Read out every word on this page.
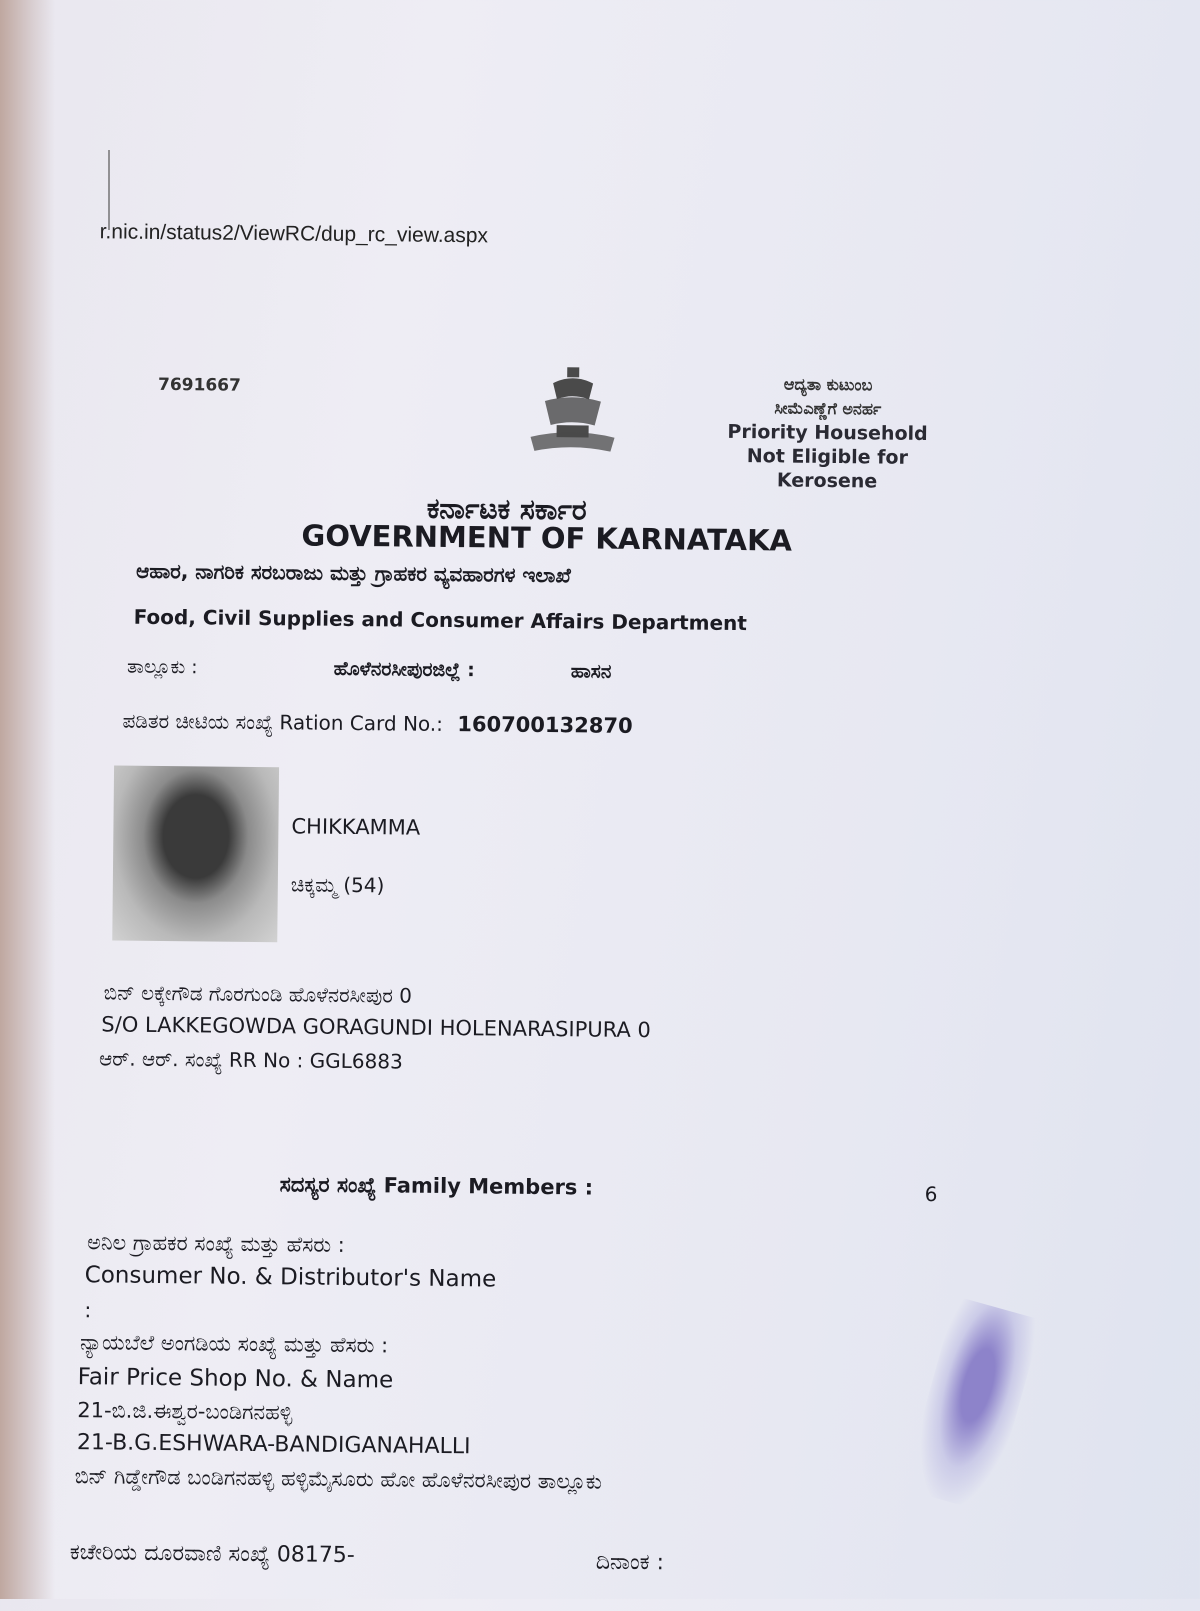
r.nic.in/status2/ViewRC/dup_rc_view.aspx
7691667	ಆದ್ಯತಾ ಕುಟುಂಬ
ಸೀಮೆಎಣ್ಣೆಗೆ ಅನರ್ಹ
Priority Household
Not Eligible for
Kerosene
ಕರ್ನಾಟಕ ಸರ್ಕಾರ
GOVERNMENT OF KARNATAKA
ಆಹಾರ, ನಾಗರಿಕ ಸರಬರಾಜು ಮತ್ತು ಗ್ರಾಹಕರ ವ್ಯವಹಾರಗಳ ಇಲಾಖೆ
Food, Civil Supplies and Consumer Affairs Department
ತಾಲ್ಲೂಕು :	ಹೊಳೆನರಸೀಪುರಜಿಲ್ಲೆ :	ಹಾಸನ
ಪಡಿತರ ಚೀಟಿಯ ಸಂಖ್ಯೆ Ration Card No.: 160700132870
CHIKKAMMA
ಚಿಕ್ಕಮ್ಮ (54)
ಬಿನ್ ಲಕ್ಕೇಗೌಡ ಗೊರಗುಂಡಿ ಹೊಳೆನರಸೀಪುರ 0
S/O LAKKEGOWDA GORAGUNDI HOLENARASIPURA 0
ಆರ್. ಆರ್. ಸಂಖ್ಯೆ RR No : GGL6883
ಸದಸ್ಯರ ಸಂಖ್ಯೆ Family Members :	6
ಅನಿಲ ಗ್ರಾಹಕರ ಸಂಖ್ಯೆ ಮತ್ತು ಹೆಸರು :
Consumer No. & Distributor's Name
:
ನ್ಯಾಯಬೆಲೆ ಅಂಗಡಿಯ ಸಂಖ್ಯೆ ಮತ್ತು ಹೆಸರು :
Fair Price Shop No. & Name
21-ಬಿ.ಜಿ.ಈಶ್ವರ-ಬಂಡಿಗನಹಳ್ಳಿ
21-B.G.ESHWARA-BANDIGANAHALLI
ಬಿನ್ ಗಿಡ್ಡೇಗೌಡ ಬಂಡಿಗನಹಳ್ಳಿ ಹಳ್ಳಿಮೈಸೂರು ಹೋ ಹೊಳೆನರಸೀಪುರ ತಾಲ್ಲೂಕು
ಕಚೇರಿಯ ದೂರವಾಣಿ ಸಂಖ್ಯೆ 08175-	ದಿನಾಂಕ :
